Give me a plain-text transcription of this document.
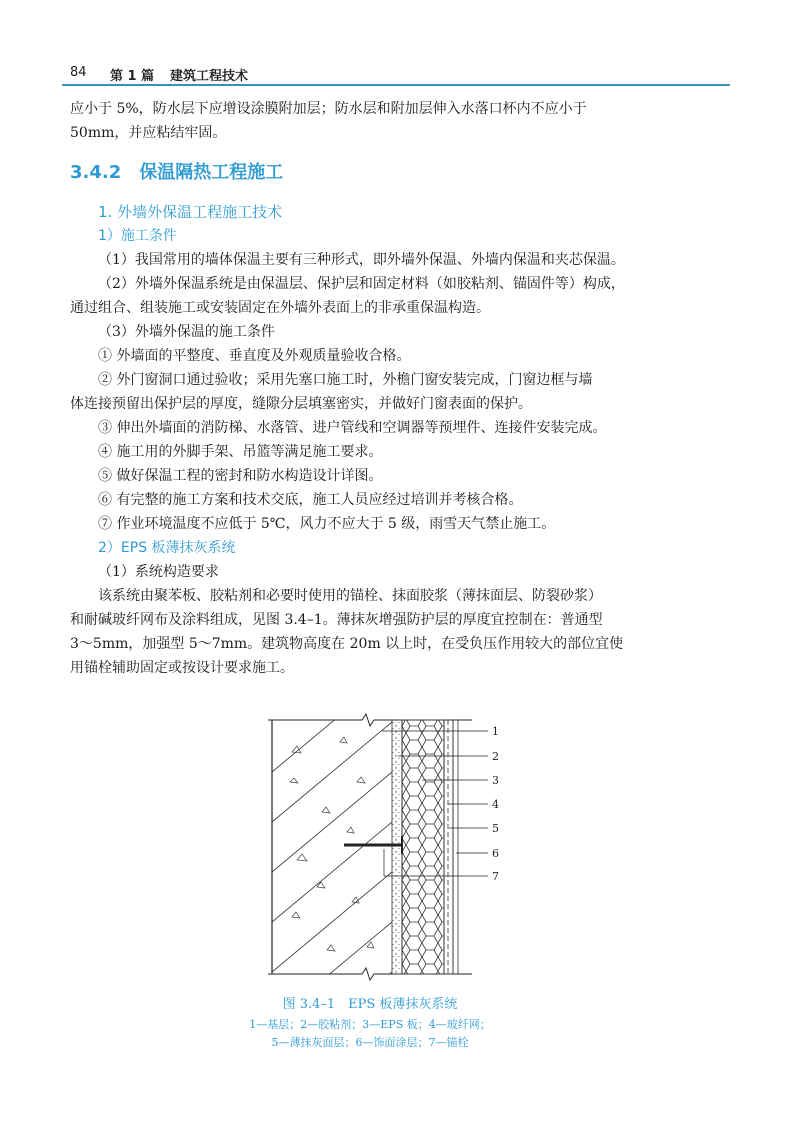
84 第 1 篇 建筑工程技术

应小于 5%，防水层下应增设涂膜附加层；防水层和附加层伸入水落口杯内不应小于

50mm，并应粘结牢固。

3.4.2 保温隔热工程施工

1. 外墙外保温工程施工技术

1）施工条件

（1）我国常用的墙体保温主要有三种形式，即外墙外保温、外墙内保温和夹芯保温。

（2）外墙外保温系统是由保温层、保护层和固定材料（如胶粘剂、锚固件等）构成，

通过组合、组装施工或安装固定在外墙外表面上的非承重保温构造。

（3）外墙外保温的施工条件

① 外墙面的平整度、垂直度及外观质量验收合格。

② 外门窗洞口通过验收；采用先塞口施工时，外檐门窗安装完成，门窗边框与墙

体连接预留出保护层的厚度，缝隙分层填塞密实，并做好门窗表面的保护。

③ 伸出外墙面的消防梯、水落管、进户管线和空调器等预埋件、连接件安装完成。

④ 施工用的外脚手架、吊篮等满足施工要求。

⑤ 做好保温工程的密封和防水构造设计详图。

⑥ 有完整的施工方案和技术交底，施工人员应经过培训并考核合格。

⑦ 作业环境温度不应低于 5℃，风力不应大于 5 级，雨雪天气禁止施工。

2）EPS 板薄抹灰系统

（1）系统构造要求

该系统由聚苯板、胶粘剂和必要时使用的锚栓、抹面胶浆（薄抹面层、防裂砂浆）

和耐碱玻纤网布及涂料组成，见图 3.4–1。薄抹灰增强防护层的厚度宜控制在：普通型

3～5mm，加强型 5～7mm。建筑物高度在 20m 以上时，在受负压作用较大的部位宜使

用锚栓辅助固定或按设计要求施工。

1
2
3
4
5
6
7
图 3.4–1　EPS 板薄抹灰系统
1—基层；2—胶粘剂；3—EPS 板；4—玻纤网；
5—薄抹灰面层；6—饰面涂层；7—锚栓
